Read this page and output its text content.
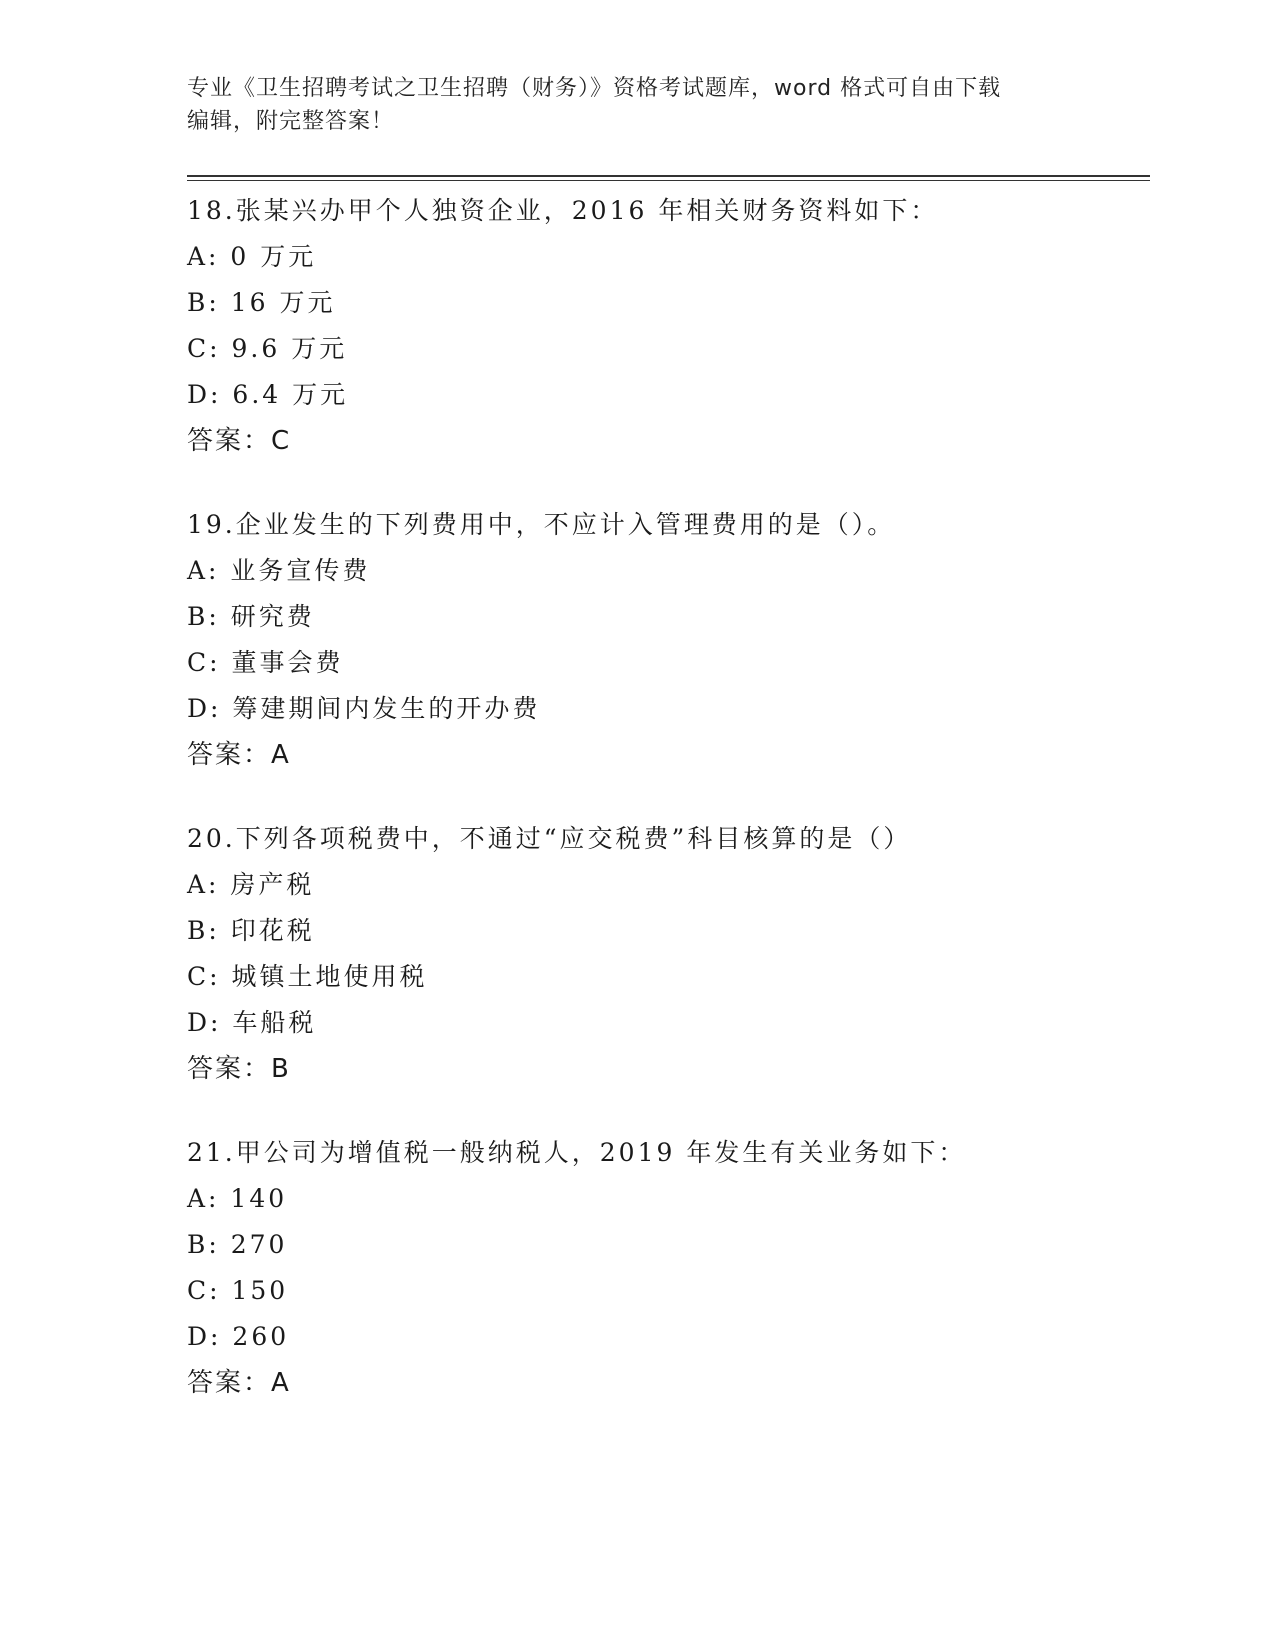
专业《卫生招聘考试之卫生招聘（财务）》资格考试题库，word 格式可自由下载
编辑，附完整答案！
18.张某兴办甲个人独资企业，2016 年相关财务资料如下：
A: 0 万元
B: 16 万元
C: 9.6 万元
D: 6.4 万元
答案：C
19.企业发生的下列费用中，不应计入管理费用的是（）。
A: 业务宣传费
B: 研究费
C: 董事会费
D: 筹建期间内发生的开办费
答案：A
20.下列各项税费中，不通过“应交税费”科目核算的是（）
A: 房产税
B: 印花税
C: 城镇土地使用税
D: 车船税
答案：B
21.甲公司为增值税一般纳税人，2019 年发生有关业务如下：
A: 140
B: 270
C: 150
D: 260
答案：A
